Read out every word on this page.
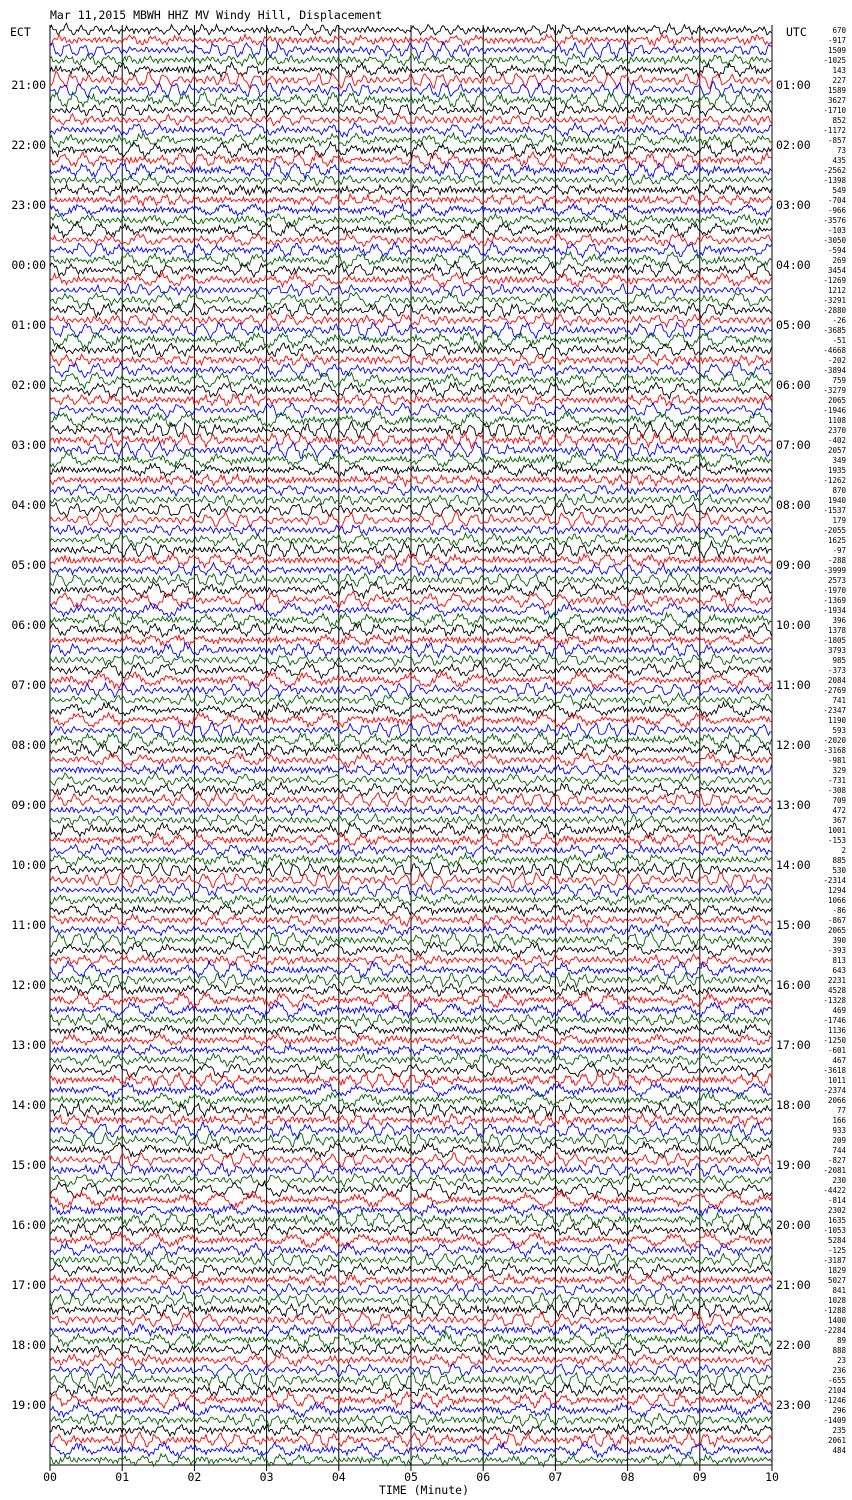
Mar 11,2015 MBWH HHZ MV Windy Hill, Displacement
ECT	UTC
TIME (Minute)
21:00
22:00
23:00
00:00
01:00
02:00
03:00
04:00
05:00
06:00
07:00
08:00
09:00
10:00
11:00
12:00
13:00
14:00
15:00
16:00
17:00
18:00
19:00
01:00
02:00
03:00
04:00
05:00
06:00
07:00
08:00
09:00
10:00
11:00
12:00
13:00
14:00
15:00
16:00
17:00
18:00
19:00
20:00
21:00
22:00
23:00
670
-917
1509
-1025
143
227
1589
3627
-1710
852
-1172
-857
73
435
-2562
-1398
549
-704
-966
-3576
-103
-3050
-594
269
3454
-1269
1212
-3291
-2880
-26
-3685
-51
-4668
-202
-3894
759
-3279
2065
-1946
1108
2370
-402
2057
349
1935
-1262
870
1940
-1537
179
-2055
1625
-97
-288
-3999
2573
-1970
-1369
-1934
396
1378
-1805
3793
985
-373
2084
-2769
741
-2347
1190
593
-2020
-3168
-981
329
-731
-308
709
472
367
1001
-153
2
885
530
-2314
1294
1066
-86
-867
2065
390
-393
813
643
2231
4528
-1328
469
-1746
1136
-1250
-601
467
-3618
1011
-2374
2066
77
166
933
209
744
-827
-2081
230
-4422
-814
2302
1635
-1053
5284
-125
-3187
1829
5027
841
1028
-1288
1400
-2284
89
888
23
236
-655
2104
-1246
296
-1409
235
2061
484
00	01	02	03	04	05	06	07	08	09	10
